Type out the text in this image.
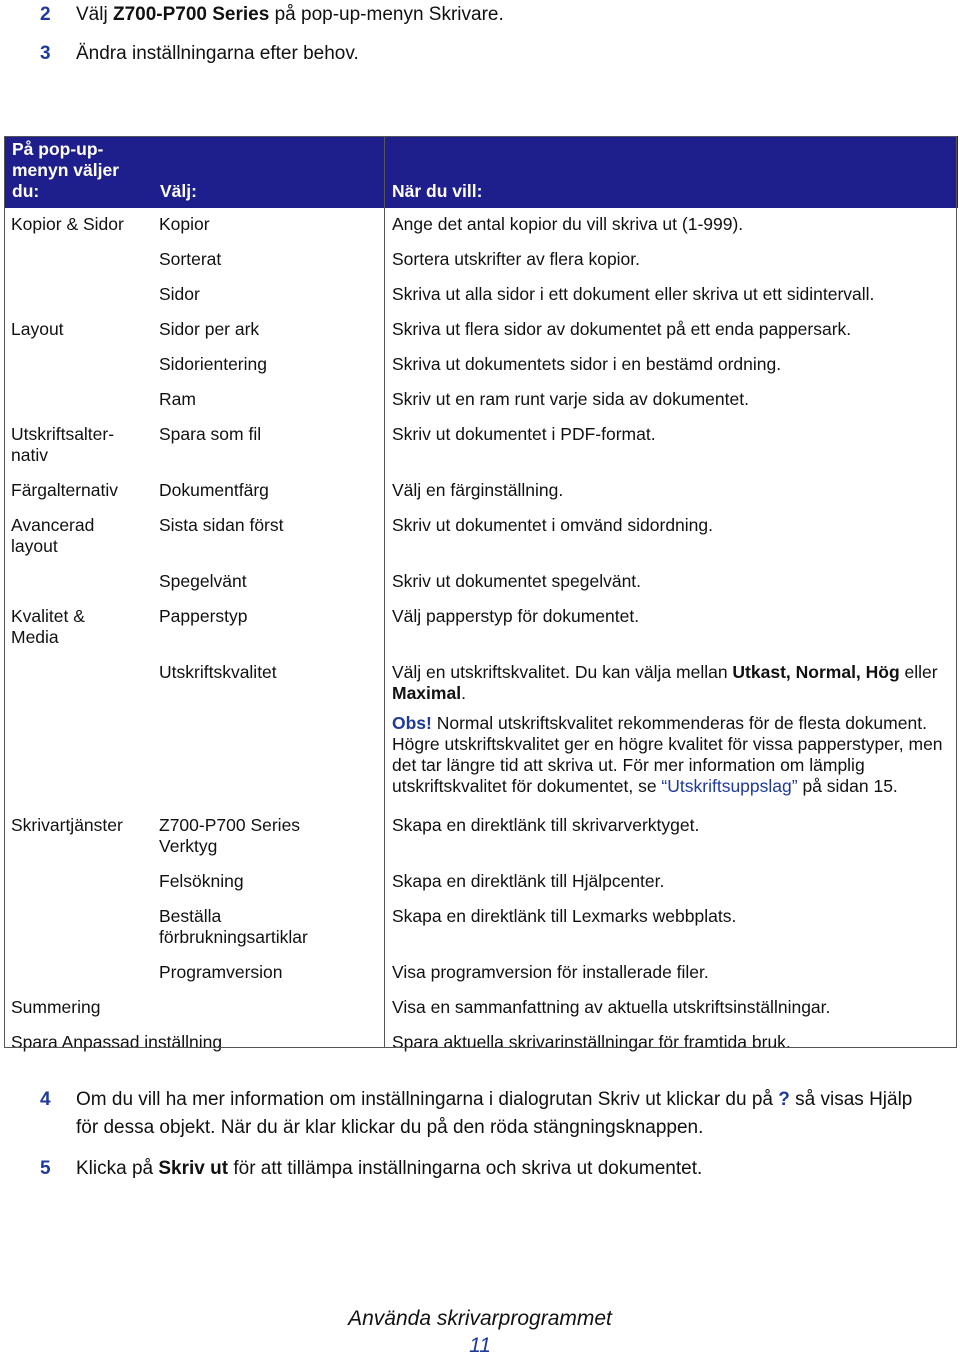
2 Välj Z700-P700 Series på pop-up-menyn Skrivare.
3 Ändra inställningarna efter behov.
På pop-up-menyn väljer du:	Välj:	När du vill:
Kopior & Sidor	Kopior	Ange det antal kopior du vill skriva ut (1-999).
	Sorterat	Sortera utskrifter av flera kopior.
	Sidor	Skriva ut alla sidor i ett dokument eller skriva ut ett sidintervall.
Layout	Sidor per ark	Skriva ut flera sidor av dokumentet på ett enda pappersark.
	Sidorientering	Skriva ut dokumentets sidor i en bestämd ordning.
	Ram	Skriv ut en ram runt varje sida av dokumentet.

Utskriftsalter-nativ	Spara som fil	Skriv ut dokumentet i PDF-format.
Färgalternativ	Dokumentfärg	Välj en färginställning.

Avancerad layout	Sista sidan först	Skriv ut dokumentet i omvänd sidordning.
	Spegelvänt	Skriv ut dokumentet spegelvänt.

Kvalitet & Media	Papperstyp	Välj papperstyp för dokumentet.
	Utskriftskvalitet	Välj en utskriftskvalitet. Du kan välja mellan Utkast, Normal, Hög eller Maximal.

Obs! Normal utskriftskvalitet rekommenderas för de flesta dokument. Högre utskriftskvalitet ger en högre kvalitet för vissa papperstyper, men det tar längre tid att skriva ut. För mer information om lämplig utskriftskvalitet för dokumentet, se “Utskriftsuppslag” på sidan 15.

Skrivartjänster	Z700-P700 Series Verktyg	Skapa en direktlänk till skrivarverktyget.
	Felsökning	Skapa en direktlänk till Hjälpcenter.

	Beställa förbrukningsartiklar	Skapa en direktlänk till Lexmarks webbplats.
	Programversion	Visa programversion för installerade filer.
Summering		Visa en sammanfattning av aktuella utskriftsinställningar.
Spara Anpassad inställning		Spara aktuella skrivarinställningar för framtida bruk.
4 Om du vill ha mer information om inställningarna i dialogrutan Skriv ut klickar du på ? så visas Hjälp för dessa objekt. När du är klar klickar du på den röda stängningsknappen.
5 Klicka på Skriv ut för att tillämpa inställningarna och skriva ut dokumentet.
Använda skrivarprogrammet
11
